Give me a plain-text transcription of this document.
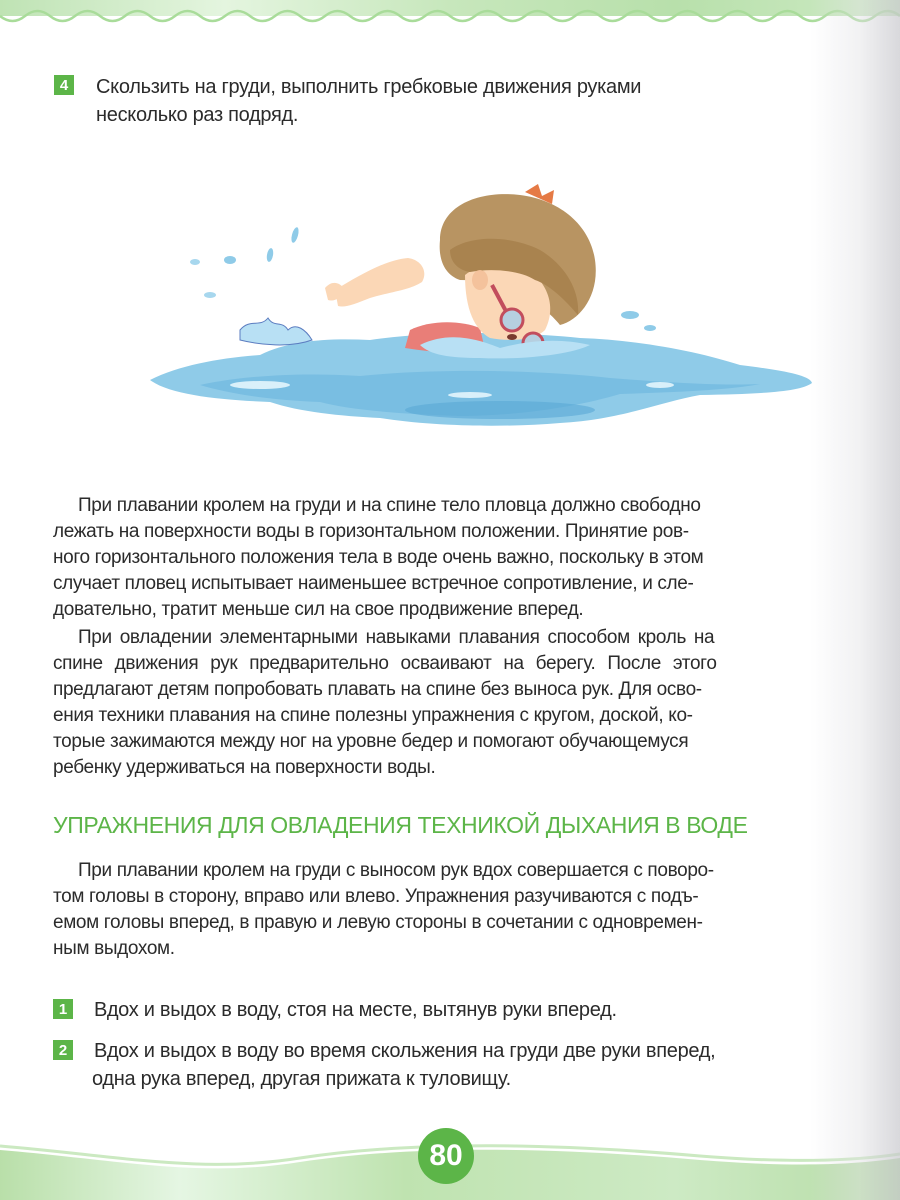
4 Скользить на груди, выполнить гребковые движения руками
несколько раз подряд.
При плавании кролем на груди и на спине тело пловца должно свободно
лежать на поверхности воды в горизонтальном положении. Принятие ров-
ного горизонтального положения тела в воде очень важно, поскольку в этом
случает пловец испытывает наименьшее встречное сопротивление, и сле-
довательно, тратит меньше сил на свое продвижение вперед.
При овладении элементарными навыками плавания способом кроль на
спине движения рук предварительно осваивают на берегу. После этого
предлагают детям попробовать плавать на спине без выноса рук. Для осво-
ения техники плавания на спине полезны упражнения с кругом, доской, ко-
торые зажимаются между ног на уровне бедер и помогают обучающемуся
ребенку удерживаться на поверхности воды.
УПРАЖНЕНИЯ ДЛЯ ОВЛАДЕНИЯ ТЕХНИКОЙ ДЫХАНИЯ В ВОДЕ
При плавании кролем на груди с выносом рук вдох совершается с поворо-
том головы в сторону, вправо или влево. Упражнения разучиваются с подъ-
емом головы вперед, в правую и левую стороны в сочетании с одновремен-
ным выдохом.
1 Вдох и выдох в воду, стоя на месте, вытянув руки вперед.
2 Вдох и выдох в воду во время скольжения на груди две руки вперед,
одна рука вперед, другая прижата к туловищу.
80
